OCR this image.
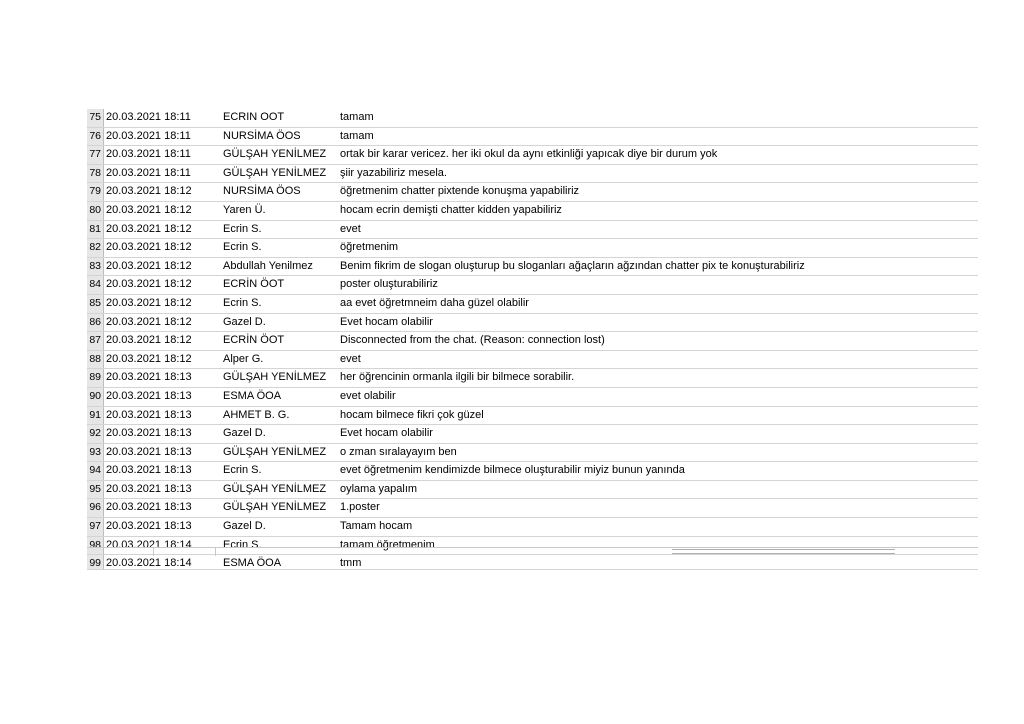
75 20.03.2021 18:11	ECRIN OOT	tamam
76 20.03.2021 18:11	NURSİMA ÖOS	tamam
77 20.03.2021 18:11	GÜLŞAH YENİLMEZ	ortak bir karar vericez. her iki okul da aynı etkinliği yapıcak diye bir durum yok
78 20.03.2021 18:11	GÜLŞAH YENİLMEZ	şiir yazabiliriz mesela.
79 20.03.2021 18:12	NURSİMA ÖOS	öğretmenim chatter pixtende konuşma yapabiliriz
80 20.03.2021 18:12	Yaren Ü.	hocam ecrin demişti chatter kidden yapabiliriz
81 20.03.2021 18:12	Ecrin S.	evet
82 20.03.2021 18:12	Ecrin S.	öğretmenim
83 20.03.2021 18:12	Abdullah Yenilmez	Benim fikrim de slogan oluşturup bu sloganları ağaçların ağzından chatter pix te konuşturabiliriz
84 20.03.2021 18:12	ECRİN ÖOT	poster oluşturabiliriz
85 20.03.2021 18:12	Ecrin S.	aa evet öğretmneim daha güzel olabilir
86 20.03.2021 18:12	Gazel D.	Evet hocam olabilir
87 20.03.2021 18:12	ECRİN ÖOT	Disconnected from the chat. (Reason: connection lost)
88 20.03.2021 18:12	Alper G.	evet
89 20.03.2021 18:13	GÜLŞAH YENİLMEZ	her öğrencinin ormanla ilgili bir bilmece sorabilir.
90 20.03.2021 18:13	ESMA ÖOA	evet olabilir
91 20.03.2021 18:13	AHMET B. G.	hocam bilmece fikri çok güzel
92 20.03.2021 18:13	Gazel D.	Evet hocam olabilir
93 20.03.2021 18:13	GÜLŞAH YENİLMEZ	o zman sıralayayım ben
94 20.03.2021 18:13	Ecrin S.	evet öğretmenim kendimizde bilmece oluşturabilir miyiz bunun yanında
95 20.03.2021 18:13	GÜLŞAH YENİLMEZ	oylama yapalım
96 20.03.2021 18:13	GÜLŞAH YENİLMEZ	1.poster
97 20.03.2021 18:13	Gazel D.	Tamam hocam
98 20.03.2021 18:14	Ecrin S.	tamam öğretmenim
99 20.03.2021 18:14	ESMA ÖOA	tmm
